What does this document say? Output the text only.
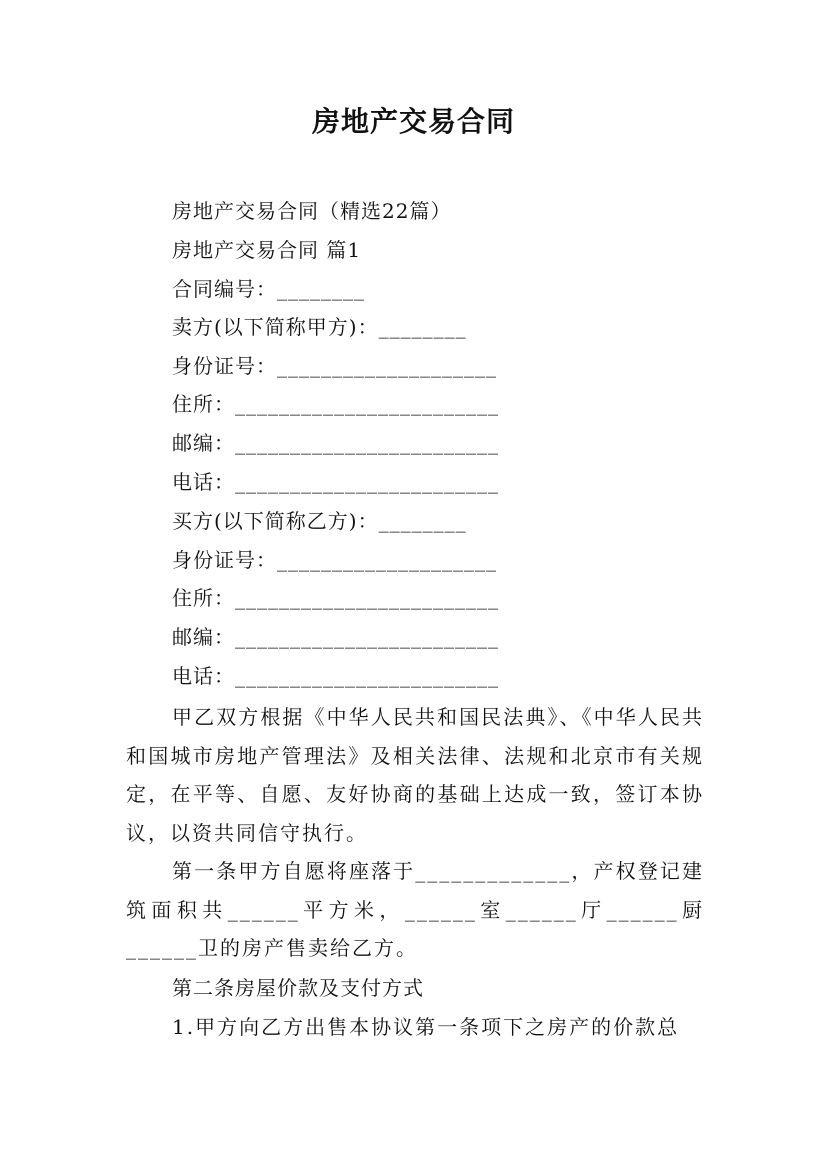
房地产交易合同
房地产交易合同（精选22篇）
房地产交易合同 篇1
合同编号：________
卖方(以下简称甲方)：________
身份证号：____________________
住所：________________________
邮编：________________________
电话：________________________
买方(以下简称乙方)：________
身份证号：____________________
住所：________________________
邮编：________________________
电话：________________________

甲乙双方根据《中华人民共和国民法典》、《中华人民共和国城市房地产管理法》及相关法律、法规和北京市有关规定，在平等、自愿、友好协商的基础上达成一致，签订本协议，以资共同信守执行。

第一条甲方自愿将座落于_____________，产权登记建筑面积共______平方米，______室______厅______厨______卫的房产售卖给乙方。

第二条房屋价款及支付方式

1.甲方向乙方出售本协议第一条项下之房产的价款总
